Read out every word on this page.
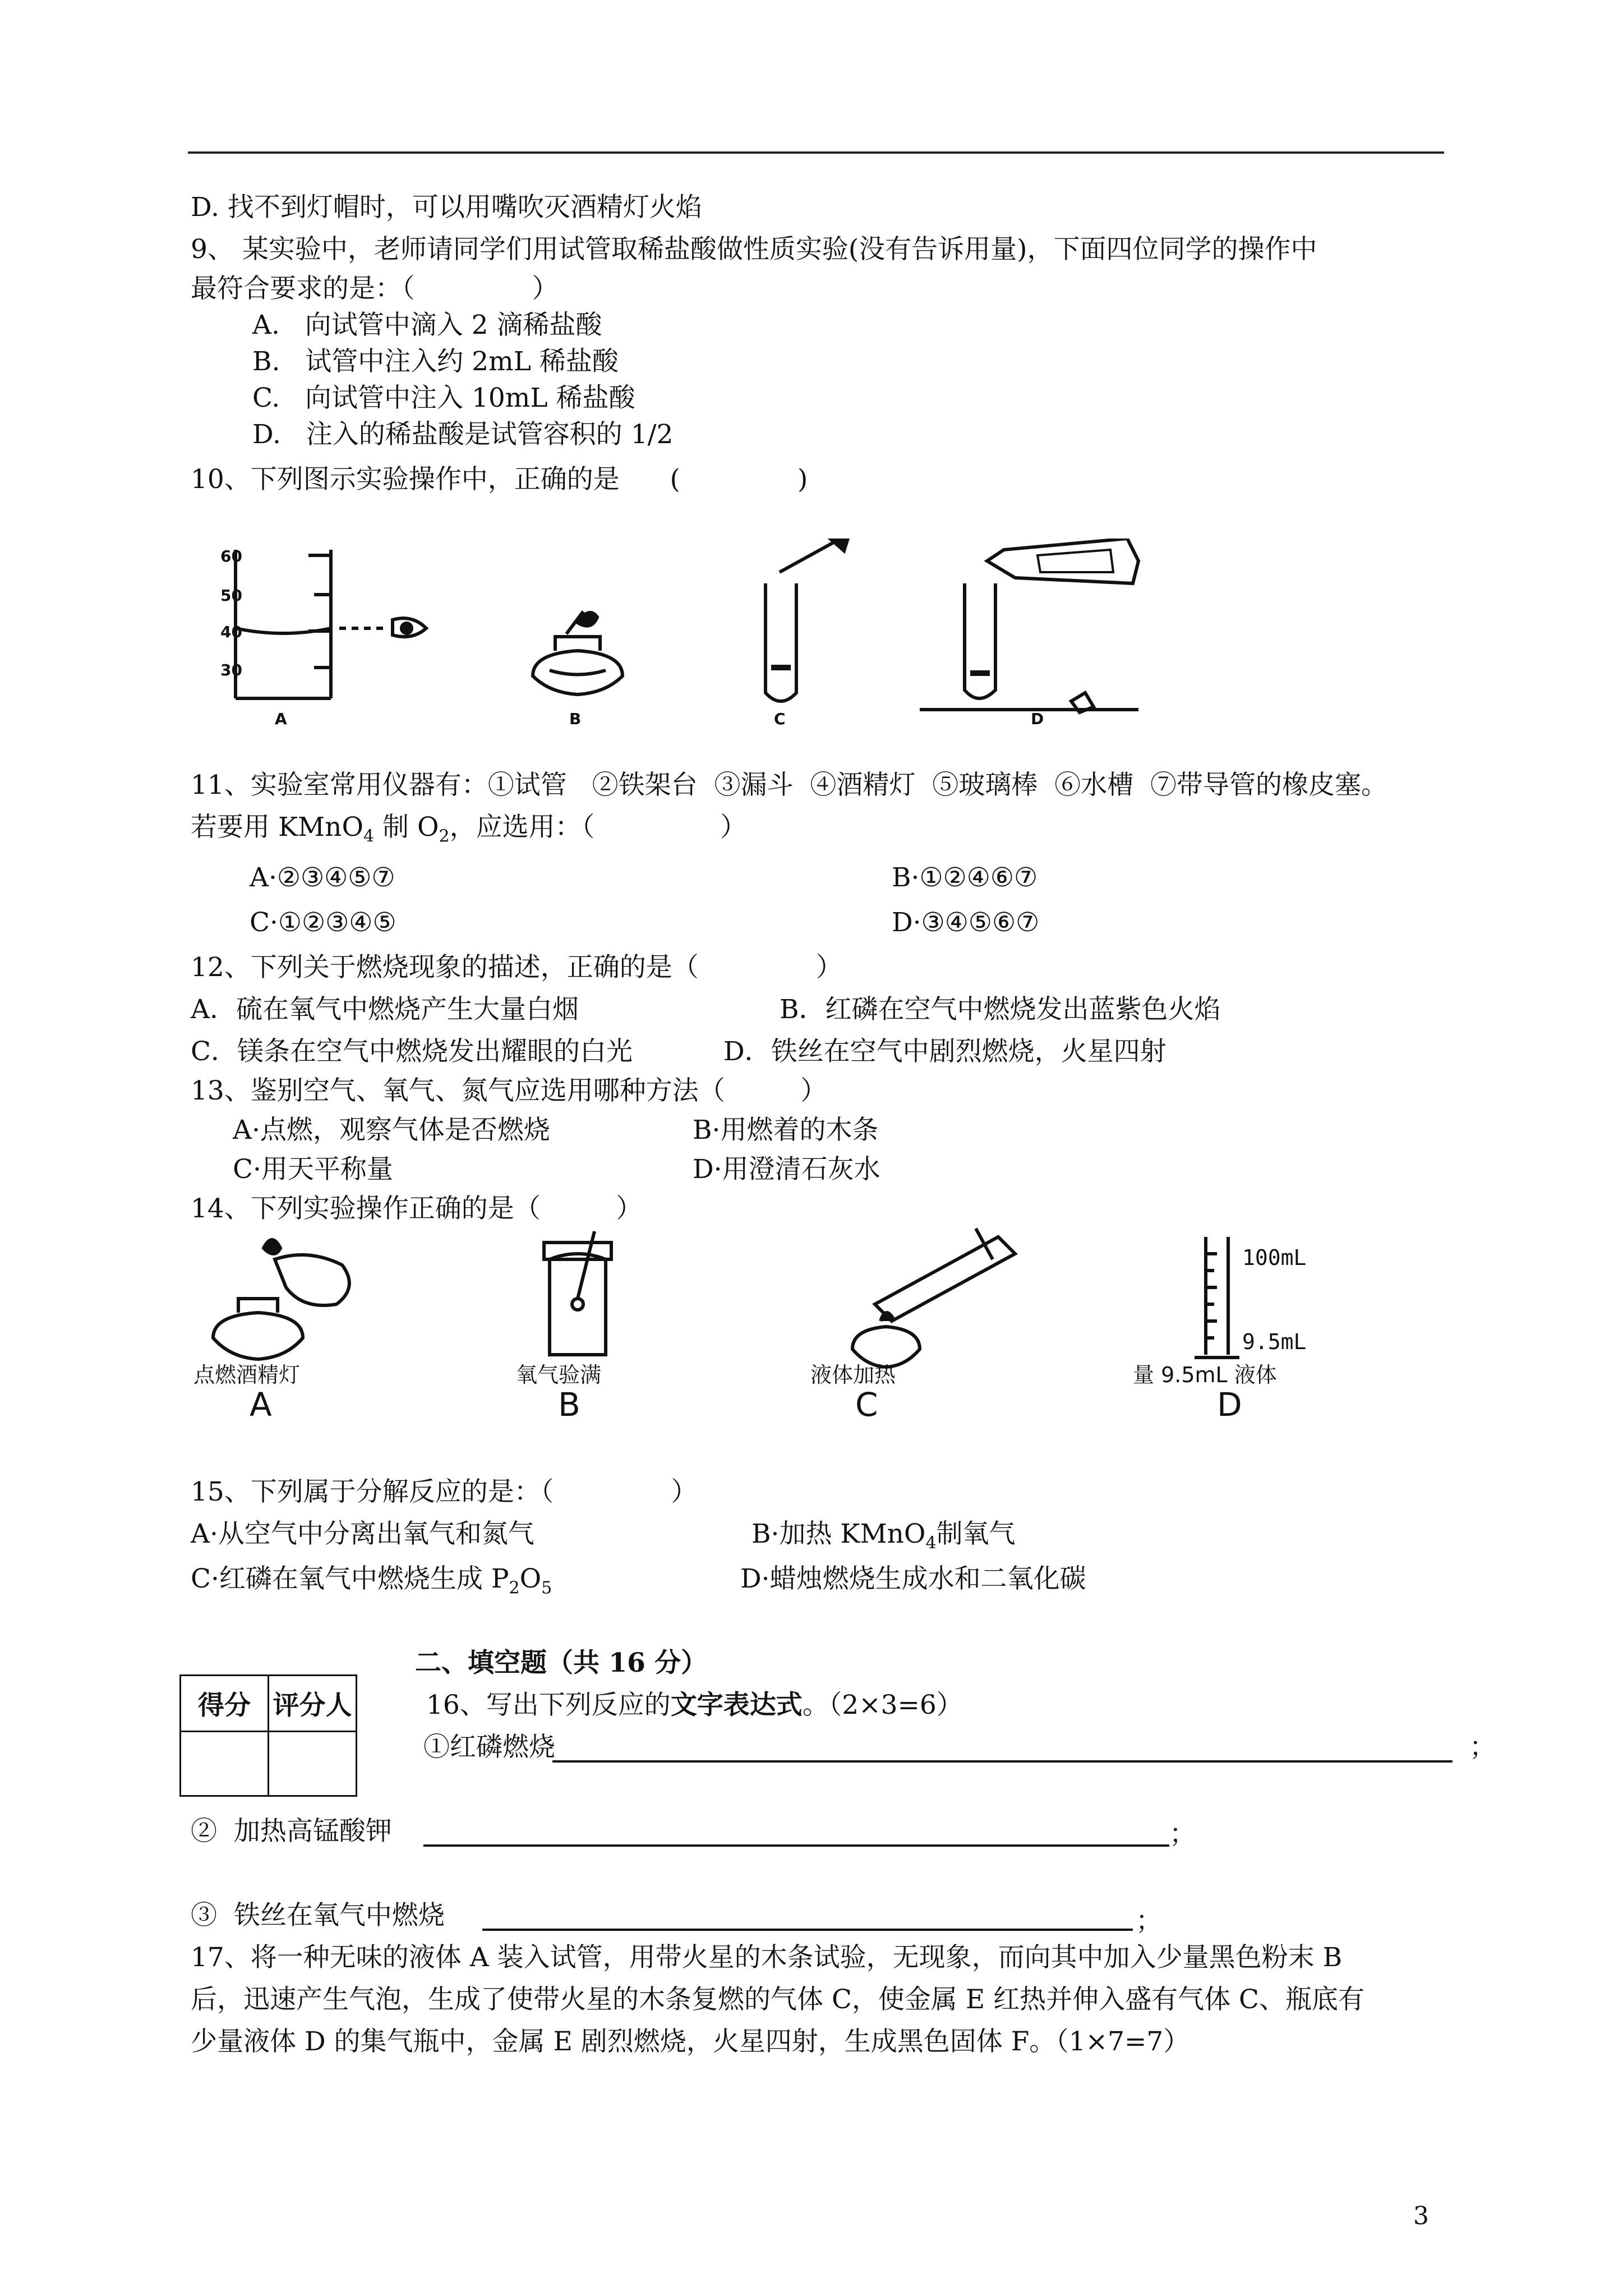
D. 找不到灯帽时，可以用嘴吹灭酒精灯火焰
9、 某实验中，老师请同学们用试管取稀盐酸做性质实验(没有告诉用量)，下面四位同学的操作中
最符合要求的是：（              ）
A.   向试管中滴入 2 滴稀盐酸
B.   试管中注入约 2mL 稀盐酸
C.   向试管中注入 10mL 稀盐酸
D.   注入的稀盐酸是试管容积的 1/2
10、下列图示实验操作中，正确的是      (              )
60
50
40
30
A	B	C	D
11、实验室常用仪器有：①试管   ②铁架台  ③漏斗  ④酒精灯  ⑤玻璃棒  ⑥水槽  ⑦带导管的橡皮塞。
若要用 KMnO$_4$ 制 $O_2$，应选用：（               ）
A·②③④⑤⑦	B·①②④⑥⑦
C·①②③④⑤	D·③④⑤⑥⑦
12、下列关于燃烧现象的描述，正确的是（              ）
A．硫在氧气中燃烧产生大量白烟	B．红磷在空气中燃烧发出蓝紫色火焰
C．镁条在空气中燃烧发出耀眼的白光	D．铁丝在空气中剧烈燃烧，火星四射
13、鉴别空气、氧气、氮气应选用哪种方法（         ）
A·点燃，观察气体是否燃烧	B·用燃着的木条
C·用天平称量	D·用澄清石灰水
14、下列实验操作正确的是（         ）
点燃酒精灯	氧气验满	液体加热	量 9.5mL 液体
A	B	C	D
100mL
9.5mL
15、下列属于分解反应的是：（              ）
A·从空气中分离出氧气和氮气	B·加热 KMnO$_4$制氧气
C·红磷在氧气中燃烧生成 $P_2O_5$	D·蜡烛燃烧生成水和二氧化碳
得分	评分人

二、填空题（共 16 分）
16、写出下列反应的文字表达式。（2×3=6）
①红磷燃烧	；
②  加热高锰酸钾	；
③  铁丝在氧气中燃烧	；
17、将一种无味的液体 A 装入试管，用带火星的木条试验，无现象，而向其中加入少量黑色粉末 B
后，迅速产生气泡，生成了使带火星的木条复燃的气体 C，使金属 E 红热并伸入盛有气体 C、瓶底有
少量液体 D 的集气瓶中，金属 E 剧烈燃烧，火星四射，生成黑色固体 F。（1×7=7）
3
